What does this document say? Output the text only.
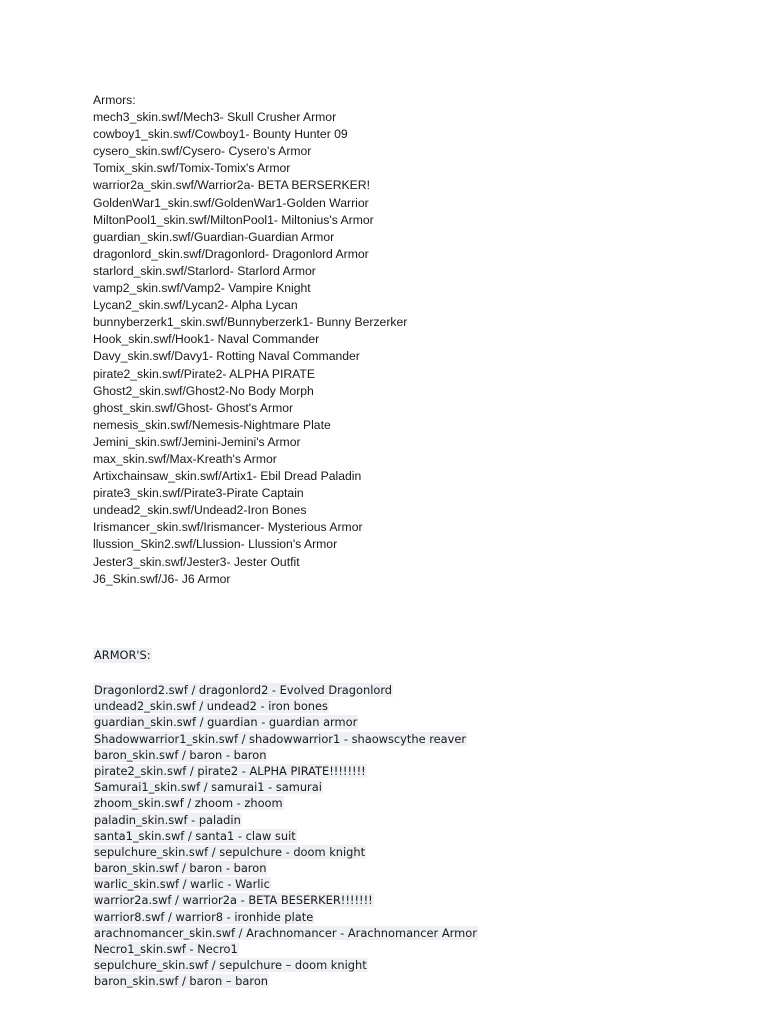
Armors:
mech3_skin.swf/Mech3- Skull Crusher Armor
cowboy1_skin.swf/Cowboy1- Bounty Hunter 09
cysero_skin.swf/Cysero- Cysero's Armor
Tomix_skin.swf/Tomix-Tomix's Armor
warrior2a_skin.swf/Warrior2a- BETA BERSERKER!
GoldenWar1_skin.swf/GoldenWar1-Golden Warrior
MiltonPool1_skin.swf/MiltonPool1- Miltonius's Armor
guardian_skin.swf/Guardian-Guardian Armor
dragonlord_skin.swf/Dragonlord- Dragonlord Armor
starlord_skin.swf/Starlord- Starlord Armor
vamp2_skin.swf/Vamp2- Vampire Knight
Lycan2_skin.swf/Lycan2- Alpha Lycan
bunnyberzerk1_skin.swf/Bunnyberzerk1- Bunny Berzerker
Hook_skin.swf/Hook1- Naval Commander
Davy_skin.swf/Davy1- Rotting Naval Commander
pirate2_skin.swf/Pirate2- ALPHA PIRATE
Ghost2_skin.swf/Ghost2-No Body Morph
ghost_skin.swf/Ghost- Ghost's Armor
nemesis_skin.swf/Nemesis-Nightmare Plate
Jemini_skin.swf/Jemini-Jemini's Armor
max_skin.swf/Max-Kreath's Armor
Artixchainsaw_skin.swf/Artix1- Ebil Dread Paladin
pirate3_skin.swf/Pirate3-Pirate Captain
undead2_skin.swf/Undead2-Iron Bones
Irismancer_skin.swf/Irismancer- Mysterious Armor
llussion_Skin2.swf/Llussion- Llussion's Armor
Jester3_skin.swf/Jester3- Jester Outfit
J6_Skin.swf/J6- J6 Armor
ARMOR'S:
Dragonlord2.swf / dragonlord2 - Evolved Dragonlord
undead2_skin.swf / undead2 - iron bones
guardian_skin.swf / guardian - guardian armor
Shadowwarrior1_skin.swf / shadowwarrior1 - shaowscythe reaver
baron_skin.swf / baron - baron
pirate2_skin.swf / pirate2 - ALPHA PIRATE!!!!!!!!
Samurai1_skin.swf / samurai1 - samurai
zhoom_skin.swf / zhoom - zhoom
paladin_skin.swf - paladin
santa1_skin.swf / santa1 - claw suit
sepulchure_skin.swf / sepulchure - doom knight
baron_skin.swf / baron - baron
warlic_skin.swf / warlic - Warlic
warrior2a.swf / warrior2a - BETA BESERKER!!!!!!!
warrior8.swf / warrior8 - ironhide plate
arachnomancer_skin.swf / Arachnomancer - Arachnomancer Armor
Necro1_skin.swf - Necro1
sepulchure_skin.swf / sepulchure – doom knight
baron_skin.swf / baron – baron
